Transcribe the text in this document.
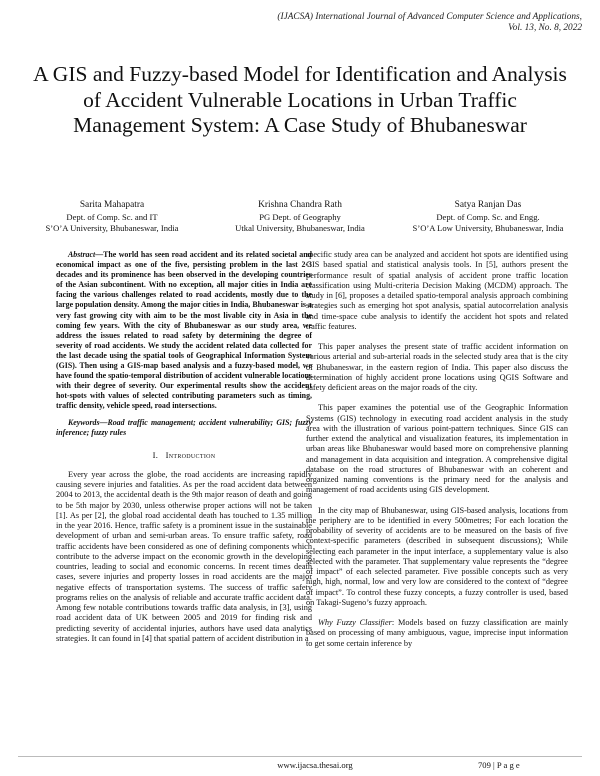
(IJACSA) International Journal of Advanced Computer Science and Applications,
Vol. 13, No. 8, 2022
A GIS and Fuzzy-based Model for Identification and Analysis of Accident Vulnerable Locations in Urban Traffic Management System: A Case Study of Bhubaneswar
Sarita Mahapatra
Dept. of Comp. Sc. and IT
S’O’A University, Bhubaneswar, India
Krishna Chandra Rath
PG Dept. of Geography
Utkal University, Bhubaneswar, India
Satya Ranjan Das
Dept. of Comp. Sc. and Engg.
S’O’A Low University, Bhubaneswar, India

Abstract—The world has seen road accident and its related societal and economical impact as one of the five, persisting problem in the last 2-3 decades and its prominence has been observed in the developing countries of the Asian subcontinent. With no exception, all major cities in India are facing the various challenges related to road accidents, mostly due to the large population density. Among the major cities in India, Bhubaneswar is a very fast growing city with aim to be the most livable city in Asia in the coming few years. With the city of Bhubaneswar as our study area, we address the issues related to road safety by determining the degree of severity of road accidents. We study the accident related data collected for the last decade using the spatial tools of Geographical Information System (GIS). Then using a GIS-map based analysis and a fuzzy-based model, we have found the spatio-temporal distribution of accident vulnerable locations with their degree of severity. Our experimental results show the accident hot-spots with values of selected contributing parameters such as timing, traffic density, vehicle speed, road intersections.

Keywords—Road traffic management; accident vulnerability; GIS; fuzzy inference; fuzzy rules

I. Introduction

Every year across the globe, the road accidents are increasing rapidly causing severe injuries and fatalities. As per the road accident data between 2004 to 2013, the accidental death is the 9th major reason of death and going to be 5th major by 2030, unless otherwise proper actions will not be taken [1]. As per [2], the global road accidental death has touched to 1.35 million in the year 2016. Hence, traffic safety is a prominent issue in the sustainable development of urban and semi-urban areas. To ensure traffic safety, road traffic accidents have been considered as one of defining components which contribute to the adverse impact on the economic growth in the developing countries, leading to social and economic concerns. In recent times death cases, severe injuries and property losses in road accidents are the major negative effects of transportation systems. The success of traffic safety programs relies on the analysis of reliable and accurate traffic accident data. Among few notable contributions towards traffic data analysis, in [3], using road accident data of UK between 2005 and 2019 for finding risk and predicting severity of accidental injuries, authors have used data analytics strategies. It can found in [4] that spatial pattern of accident distribution in a

specific study area can be analyzed and accident hot spots are identified using GIS based spatial and statistical analysis tools. In [5], authors present the performance result of spatial analysis of accident prone traffic location classification using Multi-criteria Decision Making (MCDM) approach. The study in [6], proposes a detailed spatio-temporal analysis approach combining strategies such as emerging hot spot analysis, spatial autocorrelation analysis and time-space cube analysis to identify the accident hot spots and related traffic features.

This paper analyses the present state of traffic accident information on various arterial and sub-arterial roads in the selected study area that is the city of Bhubaneswar, in the eastern region of India. This paper also discuss the determination of highly accident prone locations using QGIS Software and safety deficient areas on the major roads of the city.

This paper examines the potential use of the Geographic Information Systems (GIS) technology in executing road accident analysis in the study area with the illustration of various point-pattern techniques. Since GIS can further extend the analytical and visualization features, its implementation in urban areas like Bhubaneswar would based more on comprehensive planning and management in data acquisition and integration. A comprehensive digital database on the road structures of Bhubaneswar with an coherent and organized naming conventions is the primary need for the analysis and management of road accidents using GIS development.

In the city map of Bhubaneswar, using GIS-based analysis, locations from the periphery are to be identified in every 500metres; For each location the probability of severity of accidents are to be measured on the basis of five context-specific parameters (described in subsequent discussions); While selecting each parameter in the input interface, a supplementary value is also selected with the parameter. That supplementary value represents the “degree of impact” of each selected parameter. Five possible concepts such as very high, high, normal, low and very low are considered to the context of “degree of impact”. To control these fuzzy concepts, a fuzzy controller is used, based on Takagi-Sugeno’s fuzzy approach.

Why Fuzzy Classifier: Models based on fuzzy classification are mainly based on processing of many ambiguous, vague, imprecise input information to get some certain inference by

www.ijacsa.thesai.org	709 | P a g e
